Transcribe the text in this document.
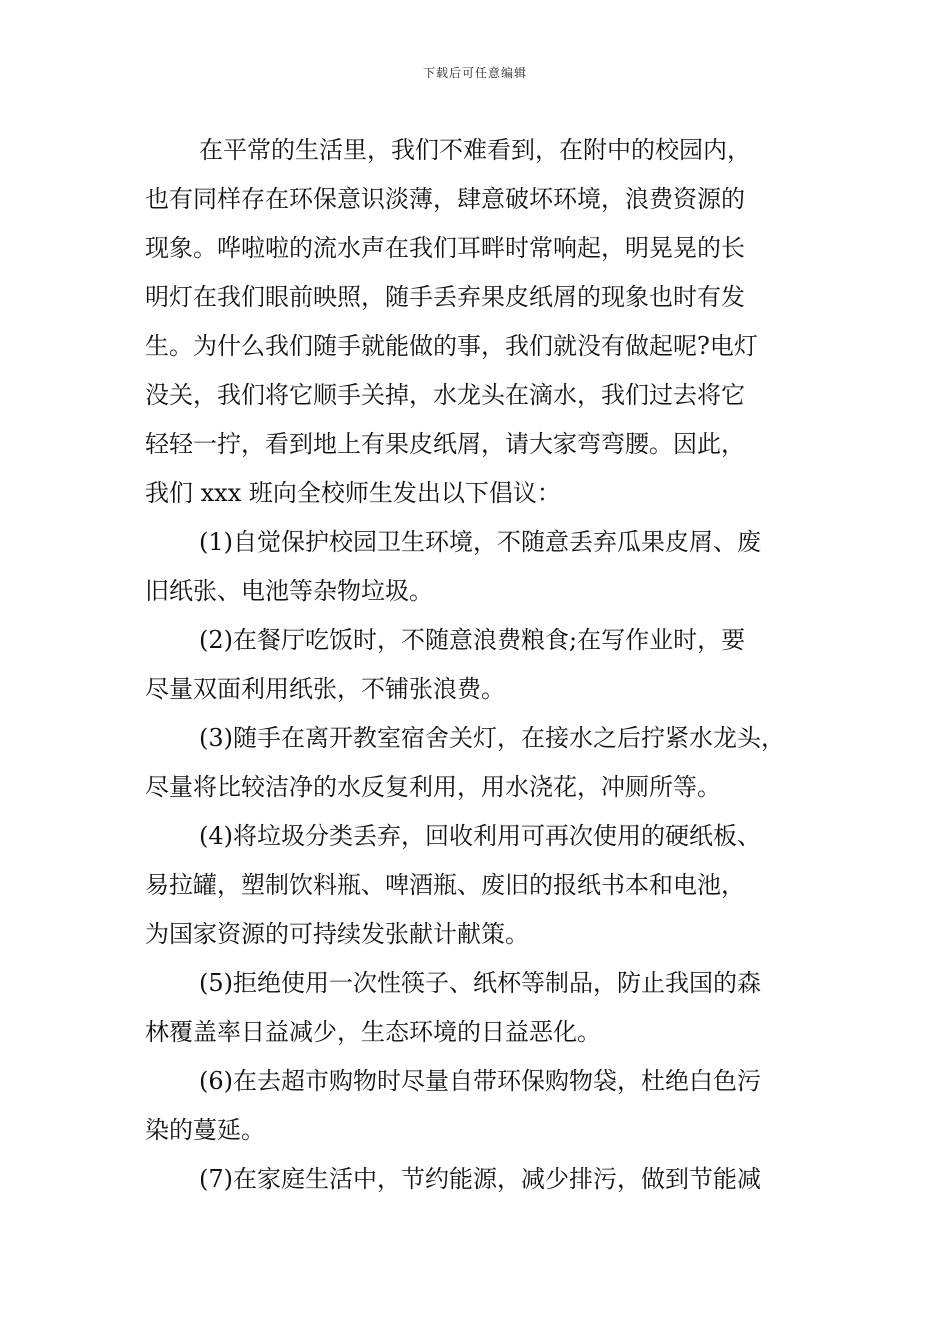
下载后可任意编辑
在平常的生活里，我们不难看到，在附中的校园内，
也有同样存在环保意识淡薄，肆意破坏环境，浪费资源的
现象。哗啦啦的流水声在我们耳畔时常响起，明晃晃的长
明灯在我们眼前映照，随手丢弃果皮纸屑的现象也时有发
生。为什么我们随手就能做的事，我们就没有做起呢?电灯
没关，我们将它顺手关掉，水龙头在滴水，我们过去将它
轻轻一拧，看到地上有果皮纸屑，请大家弯弯腰。因此，
我们 xxx 班向全校师生发出以下倡议：
(1)自觉保护校园卫生环境，不随意丢弃瓜果皮屑、废
旧纸张、电池等杂物垃圾。
(2)在餐厅吃饭时，不随意浪费粮食;在写作业时，要
尽量双面利用纸张，不铺张浪费。
(3)随手在离开教室宿舍关灯，在接水之后拧紧水龙头，
尽量将比较洁净的水反复利用，用水浇花，冲厕所等。
(4)将垃圾分类丢弃，回收利用可再次使用的硬纸板、
易拉罐，塑制饮料瓶、啤酒瓶、废旧的报纸书本和电池，
为国家资源的可持续发张献计献策。
(5)拒绝使用一次性筷子、纸杯等制品，防止我国的森
林覆盖率日益减少，生态环境的日益恶化。
(6)在去超市购物时尽量自带环保购物袋，杜绝白色污
染的蔓延。
(7)在家庭生活中，节约能源，减少排污，做到节能减
